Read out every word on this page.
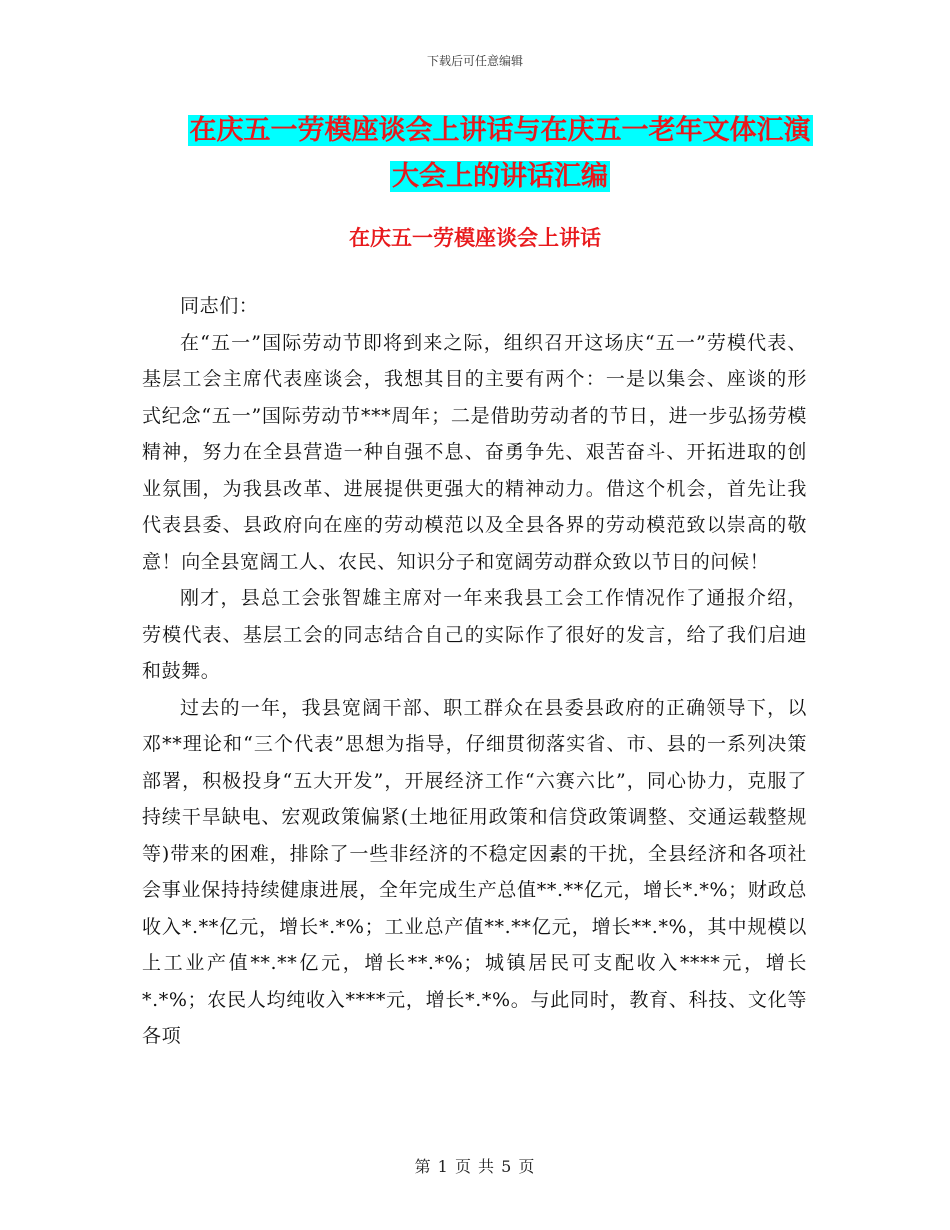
下载后可任意编辑
在庆五一劳模座谈会上讲话与在庆五一老年文体汇演
大会上的讲话汇编
在庆五一劳模座谈会上讲话

同志们：

在“五一”国际劳动节即将到来之际，组织召开这场庆“五一”劳模代表、基层工会主席代表座谈会，我想其目的主要有两个：一是以集会、座谈的形式纪念“五一”国际劳动节***周年；二是借助劳动者的节日，进一步弘扬劳模精神，努力在全县营造一种自强不息、奋勇争先、艰苦奋斗、开拓进取的创业氛围，为我县改革、进展提供更强大的精神动力。借这个机会，首先让我代表县委、县政府向在座的劳动模范以及全县各界的劳动模范致以崇高的敬意！向全县宽阔工人、农民、知识分子和宽阔劳动群众致以节日的问候！

刚才，县总工会张智雄主席对一年来我县工会工作情况作了通报介绍，劳模代表、基层工会的同志结合自己的实际作了很好的发言，给了我们启迪和鼓舞。

过去的一年，我县宽阔干部、职工群众在县委县政府的正确领导下，以邓**理论和“三个代表”思想为指导，仔细贯彻落实省、市、县的一系列决策部署，积极投身“五大开发”，开展经济工作“六赛六比”，同心协力，克服了持续干旱缺电、宏观政策偏紧(土地征用政策和信贷政策调整、交通运载整规等)带来的困难，排除了一些非经济的不稳定因素的干扰，全县经济和各项社会事业保持持续健康进展，全年完成生产总值**.**亿元，增长*.*%；财政总收入*.**亿元，增长*.*%；工业总产值**.**亿元，增长**.*%，其中规模以上工业产值**.**亿元，增长**.*%；城镇居民可支配收入****元，增长*.*%；农民人均纯收入****元，增长*.*%。与此同时，教育、科技、文化等各项

第 1 页 共 5 页
